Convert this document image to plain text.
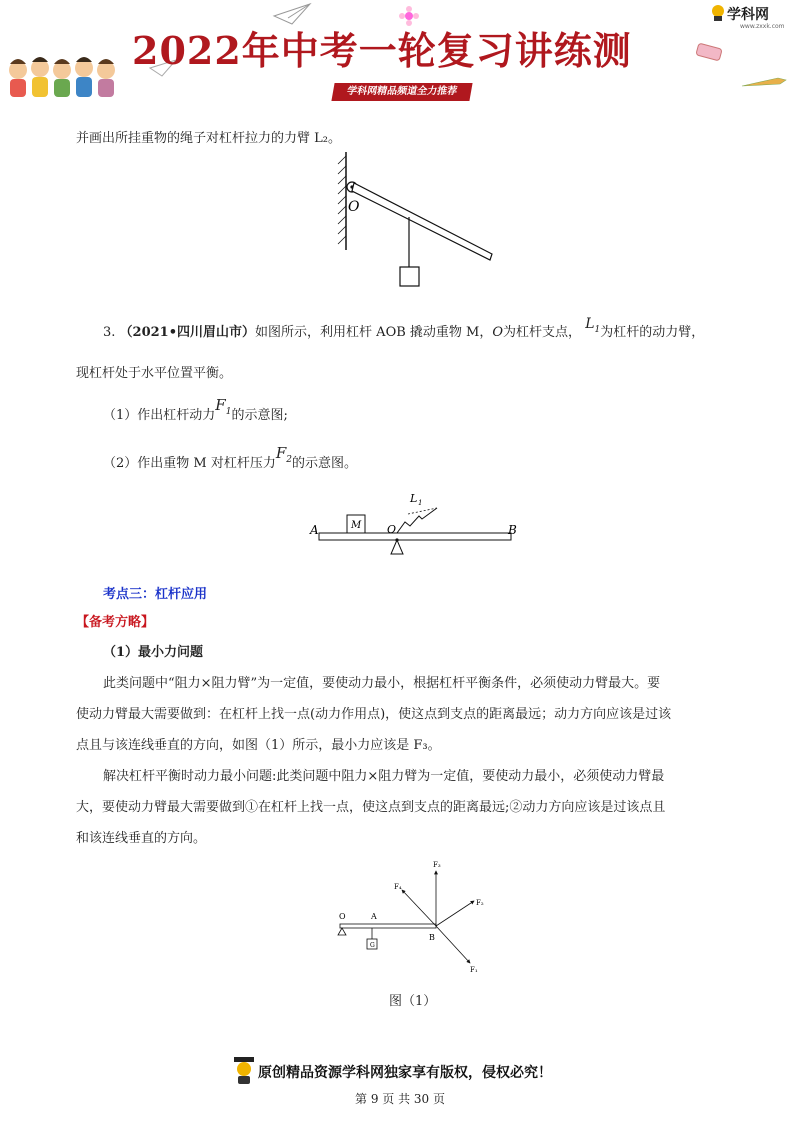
2022年中考一轮复习讲练测
学科网精品频道全力推荐
学科网
www.zxxk.com
并画出所挂重物的绳子对杠杆拉力的力臂 L₂。
O
3. （2021•四川眉山市）如图所示，利用杠杆 AOB 撬动重物 M，O为杠杆支点， $L_1$为杠杆的动力臂，
现杠杆处于水平位置平衡。
（1）作出杠杆动力$F_1$的示意图;
（2）作出重物 M 对杠杆压力$F_2$的示意图。
A	M O
L 1
B
考点三：杠杆应用
【备考方略】
（1）最小力问题
此类问题中“阻力×阻力臂”为一定值，要使动力最小，根据杠杆平衡条件，必须使动力臂最大。要
使动力臂最大需要做到：在杠杆上找一点(动力作用点)，使这点到支点的距离最远；动力方向应该是过该
点且与该连线垂直的方向，如图（1）所示，最小力应该是 F₃。
解决杠杆平衡时动力最小问题:此类问题中阻力×阻力臂为一定值，要使动力最小，必须使动力臂最
大，要使动力臂最大需要做到①在杠杆上找一点，使这点到支点的距离最远;②动力方向应该是过该点且
和该连线垂直的方向。
O	A
B
G
F₃
F₄
F₂
F₁
图（1）
原创精品资源学科网独家享有版权，侵权必究！
第 9 页 共 30 页
